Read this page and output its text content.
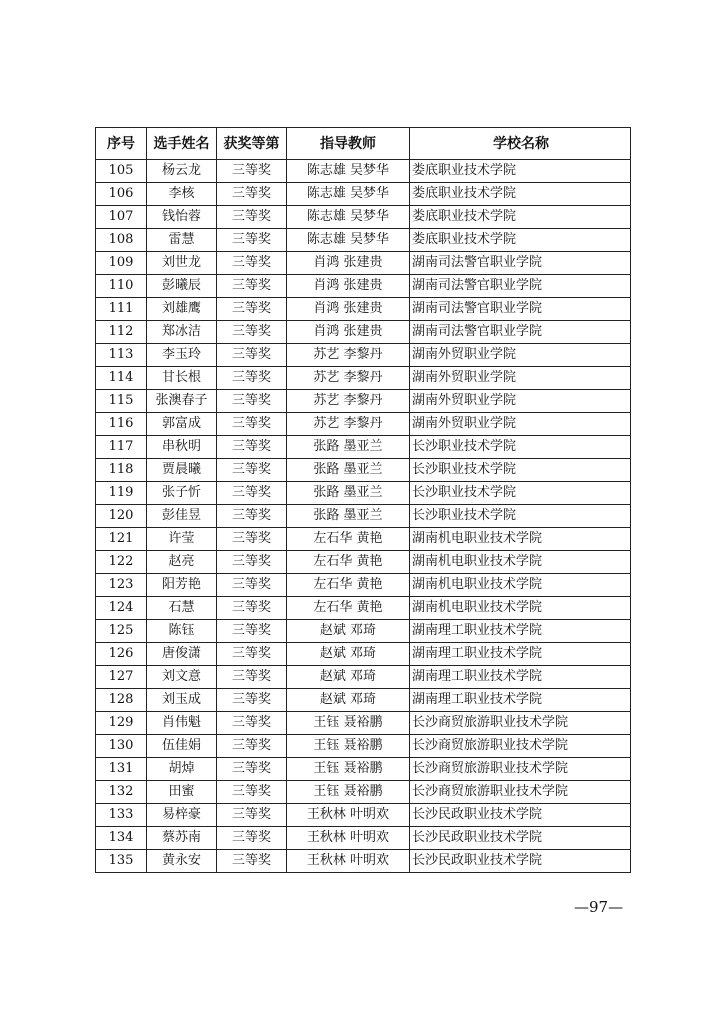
序号	选手姓名	获奖等第	指导教师	学校名称
105	杨云龙	三等奖	陈志雄 吴梦华	娄底职业技术学院
106	李核	三等奖	陈志雄 吴梦华	娄底职业技术学院
107	钱怡蓉	三等奖	陈志雄 吴梦华	娄底职业技术学院
108	雷慧	三等奖	陈志雄 吴梦华	娄底职业技术学院
109	刘世龙	三等奖	肖鸿 张建贵	湖南司法警官职业学院
110	彭曦辰	三等奖	肖鸿 张建贵	湖南司法警官职业学院
111	刘雄鹰	三等奖	肖鸿 张建贵	湖南司法警官职业学院
112	郑冰洁	三等奖	肖鸿 张建贵	湖南司法警官职业学院
113	李玉玲	三等奖	苏艺 李黎丹	湖南外贸职业学院
114	甘长根	三等奖	苏艺 李黎丹	湖南外贸职业学院
115	张澳春子	三等奖	苏艺 李黎丹	湖南外贸职业学院
116	郭富成	三等奖	苏艺 李黎丹	湖南外贸职业学院
117	串秋明	三等奖	张路 墨亚兰	长沙职业技术学院
118	贾晨曦	三等奖	张路 墨亚兰	长沙职业技术学院
119	张子忻	三等奖	张路 墨亚兰	长沙职业技术学院
120	彭佳昱	三等奖	张路 墨亚兰	长沙职业技术学院
121	许莹	三等奖	左石华 黄艳	湖南机电职业技术学院
122	赵亮	三等奖	左石华 黄艳	湖南机电职业技术学院
123	阳芳艳	三等奖	左石华 黄艳	湖南机电职业技术学院
124	石慧	三等奖	左石华 黄艳	湖南机电职业技术学院
125	陈钰	三等奖	赵斌 邓琦	湖南理工职业技术学院
126	唐俊潇	三等奖	赵斌 邓琦	湖南理工职业技术学院
127	刘文意	三等奖	赵斌 邓琦	湖南理工职业技术学院
128	刘玉成	三等奖	赵斌 邓琦	湖南理工职业技术学院
129	肖伟魁	三等奖	王钰 聂裕鹏	长沙商贸旅游职业技术学院
130	伍佳娟	三等奖	王钰 聂裕鹏	长沙商贸旅游职业技术学院
131	胡焯	三等奖	王钰 聂裕鹏	长沙商贸旅游职业技术学院
132	田蜜	三等奖	王钰 聂裕鹏	长沙商贸旅游职业技术学院
133	易梓豪	三等奖	王秋林 叶明欢	长沙民政职业技术学院
134	蔡苏南	三等奖	王秋林 叶明欢	长沙民政职业技术学院
135	黄永安	三等奖	王秋林 叶明欢	长沙民政职业技术学院
—97—
